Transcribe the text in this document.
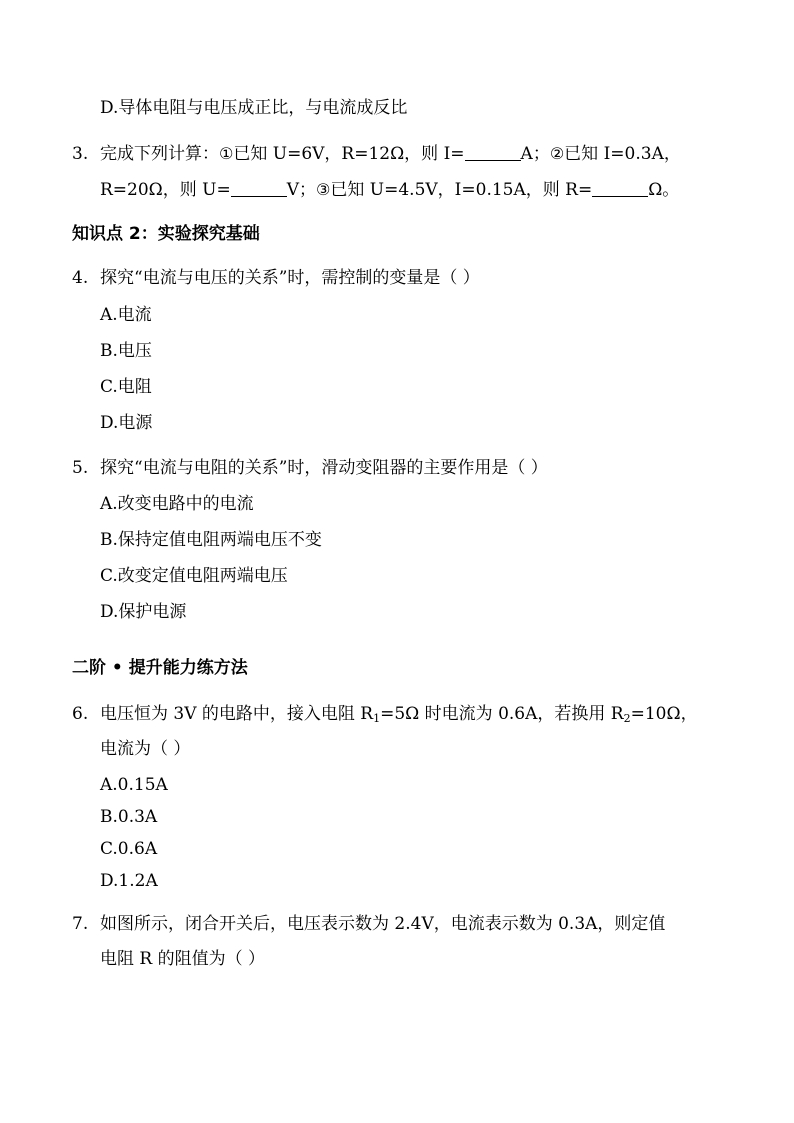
D.导体电阻与电压成正比，与电流成反比
3. 完成下列计算：①已知 U=6V，R=12Ω，则 I=	A；②已知 I=0.3A，
R=20Ω，则 U=	V；③已知 U=4.5V，I=0.15A，则 R=	Ω。
知识点 2：实验探究基础
4. 探究“电流与电压的关系”时，需控制的变量是（ ）
A.电流
B.电压
C.电阻
D.电源
5. 探究“电流与电阻的关系”时，滑动变阻器的主要作用是（ ）
A.改变电路中的电流
B.保持定值电阻两端电压不变
C.改变定值电阻两端电压
D.保护电源
二阶 • 提升能力练方法
6. 电压恒为 3V 的电路中，接入电阻 $R_1=5\Omega$ 时电流为 0.6A，若换用 $R_2=10\Omega$，
电流为（ ）
A.0.15A
B.0.3A
C.0.6A
D.1.2A
7. 如图所示，闭合开关后，电压表示数为 2.4V，电流表示数为 0.3A，则定值
电阻 R 的阻值为（ ）
